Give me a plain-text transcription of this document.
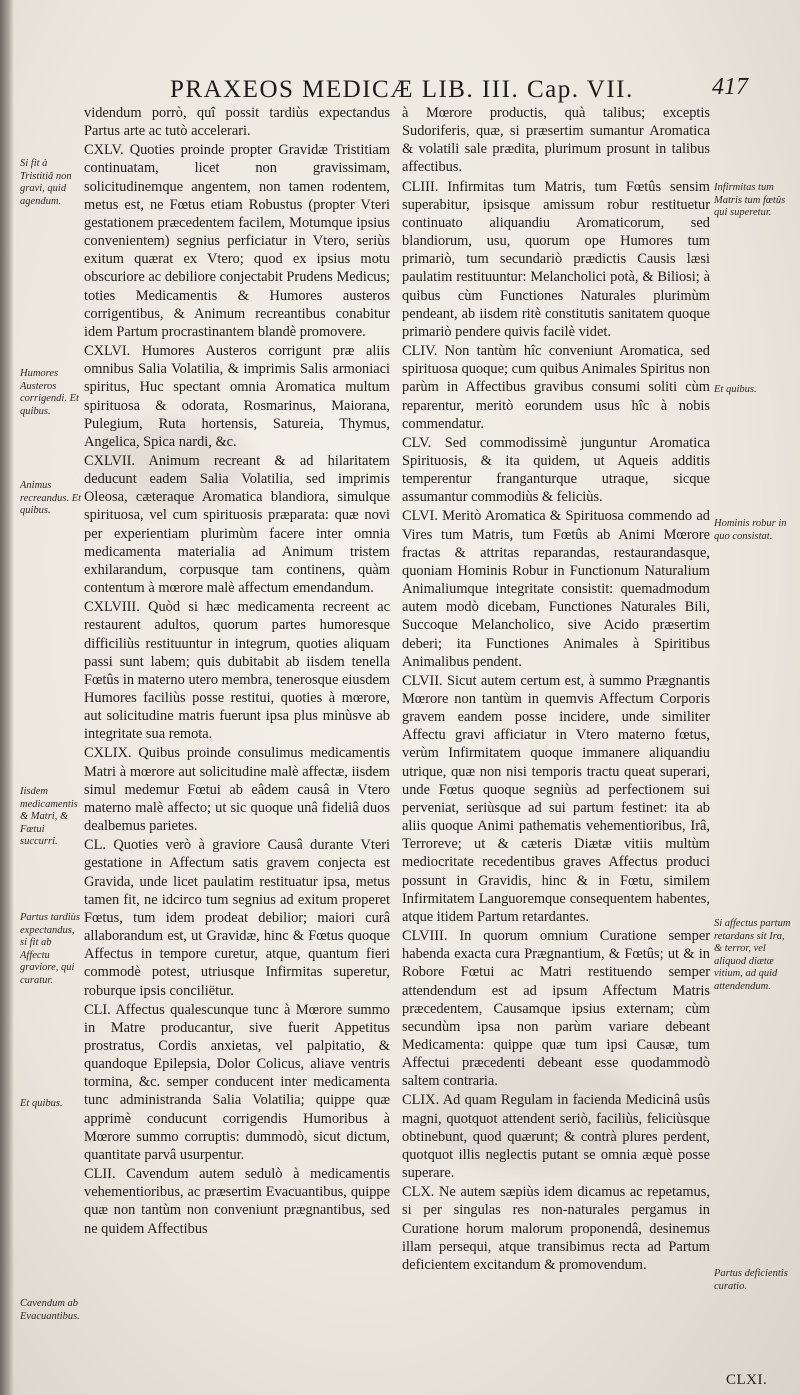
PRAXEOS MEDICÆ LIB. III. Cap. VII.	417

videndum porrò, quî possit tardiùs expectandus Partus arte ac tutò accelerari.

CXLV. Quoties proinde propter Gravidæ Tristitiam continuatam, licet non gravissimam, solicitudinemque angentem, non tamen rodentem, metus est, ne Fœtus etiam Robustus (propter Vteri gestationem præcedentem facilem, Motumque ipsius convenientem) segnius perficiatur in Vtero, seriùs exitum quærat ex Vtero; quod ex ipsius motu obscuriore ac debiliore conjectabit Prudens Medicus; toties Medicamentis & Humores austeros corrigentibus, & Animum recreantibus conabitur idem Partum procrastinantem blandè promovere.

CXLVI. Humores Austeros corrigunt præ aliis omnibus Salia Volatilia, & imprimis Salis armoniaci spiritus, Huc spectant omnia Aromatica multum spirituosa & odorata, Rosmarinus, Maiorana, Pulegium, Ruta hortensis, Satureia, Thymus, Angelica, Spica nardi, &c.

CXLVII. Animum recreant & ad hilaritatem deducunt eadem Salia Volatilia, sed imprimis Oleosa, cæteraque Aromatica blandiora, simulque spirituosa, vel cum spirituosis præparata: quæ novi per experientiam plurimùm facere inter omnia medicamenta materialia ad Animum tristem exhilarandum, corpusque tam continens, quàm contentum à mœrore malè affectum emendandum.

CXLVIII. Quòd si hæc medicamenta recreent ac restaurent adultos, quorum partes humoresque difficiliùs restituuntur in integrum, quoties aliquam passi sunt labem; quis dubitabit ab iisdem tenella Fœtûs in materno utero membra, tenerosque eiusdem Humores faciliùs posse restitui, quoties à mœrore, aut solicitudine matris fuerunt ipsa plus minùsve ab integritate sua remota.

CXLIX. Quibus proinde consulimus medicamentis Matri à mœrore aut solicitudine malè affectæ, iisdem simul medemur Fœtui ab eâdem causâ in Vtero materno malè affecto; ut sic quoque unâ fideliâ duos dealbemus parietes.

CL. Quoties verò à graviore Causâ durante Vteri gestatione in Affectum satis gravem conjecta est Gravida, unde licet paulatim restituatur ipsa, metus tamen fit, ne idcirco tum segnius ad exitum properet Fœtus, tum idem prodeat debilior; maiori curâ allaborandum est, ut Gravidæ, hinc & Fœtus quoque Affectus in tempore curetur, atque, quantum fieri commodè potest, utriusque Infirmitas superetur, roburque ipsis conciliëtur.

CLI. Affectus qualescunque tunc à Mœrore summo in Matre producantur, sive fuerit Appetitus prostratus, Cordis anxietas, vel palpitatio, & quandoque Epilepsia, Dolor Colicus, aliave ventris tormina, &c. semper conducent inter medicamenta tunc administranda Salia Volatilia; quippe quæ apprimè conducunt corrigendis Humoribus à Mœrore summo corruptis: dummodò, sicut dictum, quantitate parvâ usurpentur.

CLII. Cavendum autem sedulò à medicamentis vehementioribus, ac præsertim Evacuantibus, quippe quæ non tantùm non conveniunt prægnantibus, sed ne quidem Affectibus

à Mœrore productis, quà talibus; exceptis Sudoriferis, quæ, si præsertim sumantur Aromatica & volatili sale prædita, plurimum prosunt in talibus affectibus.

CLIII. Infirmitas tum Matris, tum Fœtûs sensim superabitur, ipsisque amissum robur restituetur continuato aliquandiu Aromaticorum, sed blandiorum, usu, quorum ope Humores tum primariò, tum secundariò prædictis Causis læsi paulatim restituuntur: Melancholici potà, & Biliosi; à quibus cùm Functiones Naturales plurimùm pendeant, ab iisdem ritè constitutis sanitatem quoque primariò pendere quivis facilè videt.

CLIV. Non tantùm hîc conveniunt Aromatica, sed spirituosa quoque; cum quibus Animales Spiritus non parùm in Affectibus gravibus consumi soliti cùm reparentur, meritò eorundem usus hîc à nobis commendatur.

CLV. Sed commodissimè junguntur Aromatica Spirituosis, & ita quidem, ut Aqueis additis temperentur franganturque utraque, sicque assumantur commodiùs & feliciùs.

CLVI. Meritò Aromatica & Spirituosa commendo ad Vires tum Matris, tum Fœtûs ab Animi Mœrore fractas & attritas reparandas, restaurandasque, quoniam Hominis Robur in Functionum Naturalium Animaliumque integritate consistit: quemadmodum autem modò dicebam, Functiones Naturales Bili, Succoque Melancholico, sive Acido præsertim deberi; ita Functiones Animales à Spiritibus Animalibus pendent.

CLVII. Sicut autem certum est, à summo Prægnantis Mœrore non tantùm in quemvis Affectum Corporis gravem eandem posse incidere, unde similiter Affectu gravi afficiatur in Vtero materno fœtus, verùm Infirmitatem quoque immanere aliquandiu utrique, quæ non nisi temporis tractu queat superari, unde Fœtus quoque segniùs ad perfectionem sui perveniat, seriùsque ad sui partum festinet: ita ab aliis quoque Animi pathematis vehementioribus, Irâ, Terroreve; ut & cæteris Diætæ vitiis multùm mediocritate recedentibus graves Affectus produci possunt in Gravidis, hinc & in Fœtu, similem Infirmitatem Languoremque consequentem habentes, atque itidem Partum retardantes.

CLVIII. In quorum omnium Curatione semper habenda exacta cura Prægnantium, & Fœtûs; ut & in Robore Fœtui ac Matri restituendo semper attendendum est ad ipsum Affectum Matris præcedentem, Causamque ipsius externam; cùm secundùm ipsa non parùm variare debeant Medicamenta: quippe quæ tum ipsi Causæ, tum Affectui præcedenti debeant esse quodammodò saltem contraria.

CLIX. Ad quam Regulam in facienda Medicinâ usûs magni, quotquot attendent seriò, faciliùs, feliciùsque obtinebunt, quod quærunt; & contrà plures perdent, quotquot illis neglectis putant se omnia æquè posse superare.

CLX. Ne autem sæpiùs idem dicamus ac repetamus, si per singulas res non-naturales pergamus in Curatione horum malorum proponendâ, desinemus illam persequi, atque transibimus recta ad Partum deficientem excitandum & promovendum.

Si fit à Tristitiâ non gravi, quid agendum.
Humores Austeros corrigendi. Et quibus.
Animus recreandus. Et quibus.
Iisdem medicamentis & Matri, & Fœtui succurri.
Partus tardiùs expectandus, si fit ab Affectu graviore, qui curatur.
Et quibus.
Cavendum ab Evacuantibus.
Infirmitas tum Matris tum fœtûs qui superetur.
Et quibus.
Hominis robur in quo consistat.
Si affectus partum retardans sit Ira, & terror, vel aliquod diætæ vitium, ad quid attendendum.
Partus deficientis curatio.
CLXI.
